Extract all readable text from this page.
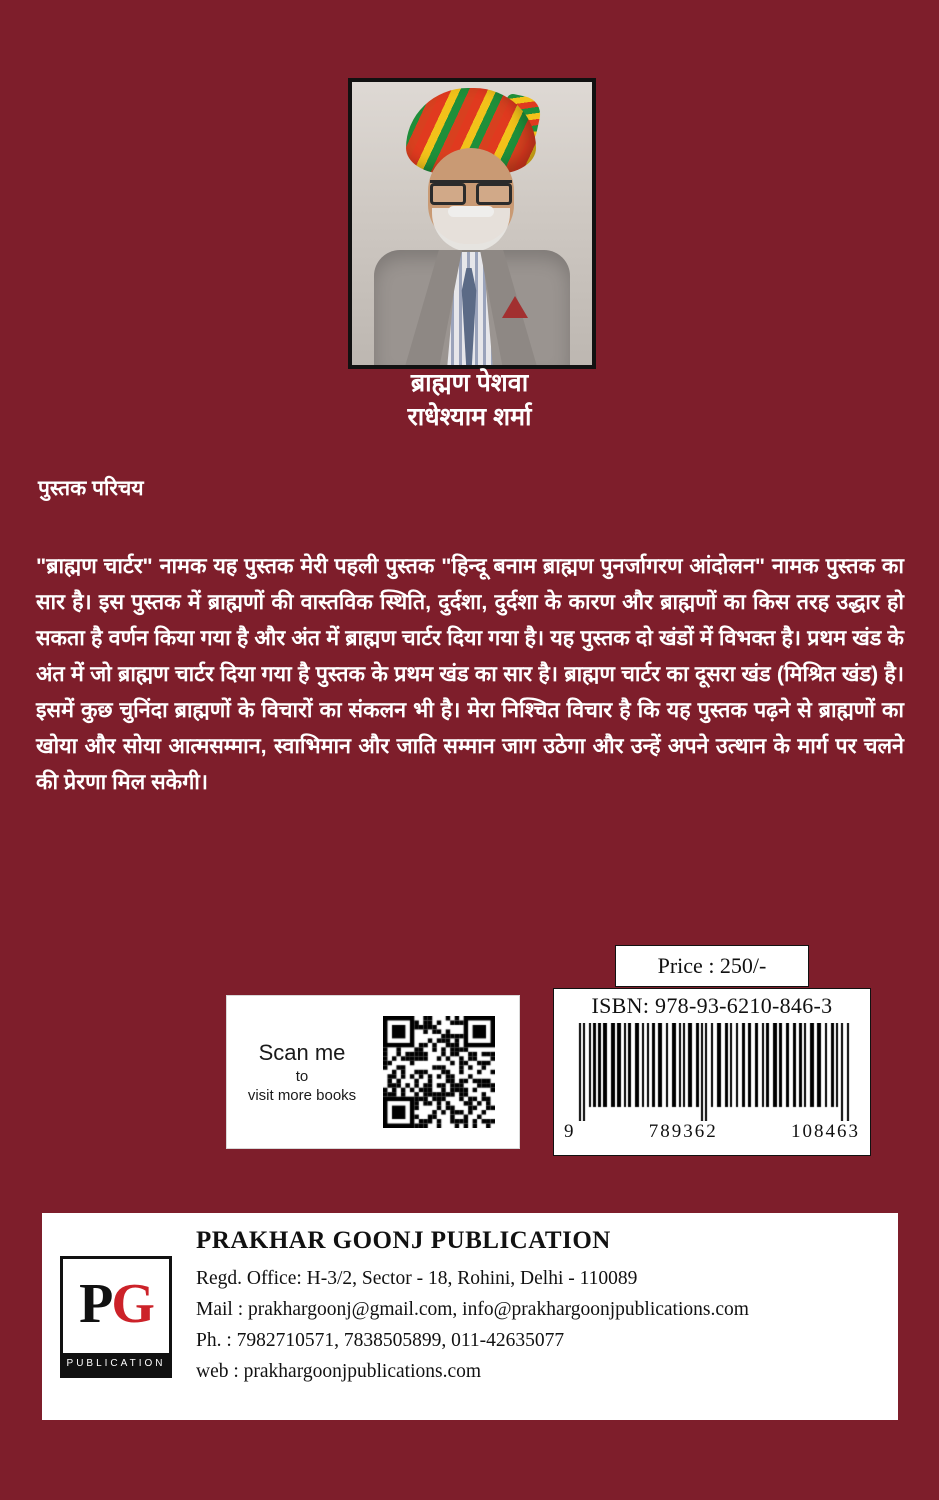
ब्राह्मण पेशवा
राधेश्याम शर्मा
पुस्तक परिचय
"ब्राह्मण चार्टर" नामक यह पुस्तक मेरी पहली पुस्तक "हिन्दू बनाम ब्राह्मण पुनर्जागरण आंदोलन" नामक पुस्तक का सार है। इस पुस्तक में ब्राह्मणों की वास्तविक स्थिति, दुर्दशा, दुर्दशा के कारण और ब्राह्मणों का किस तरह उद्धार हो सकता है वर्णन किया गया है और अंत में ब्राह्मण चार्टर दिया गया है। यह पुस्तक दो खंडों में विभक्त है। प्रथम खंड के अंत में जो ब्राह्मण चार्टर दिया गया है पुस्तक के प्रथम खंड का सार है। ब्राह्मण चार्टर का दूसरा खंड (मिश्रित खंड) है। इसमें कुछ चुनिंदा ब्राह्मणों के विचारों का संकलन भी है। मेरा निश्चित विचार है कि यह पुस्तक पढ़ने से ब्राह्मणों का खोया और सोया आत्मसम्मान, स्वाभिमान और जाति सम्मान जाग उठेगा और उन्हें अपने उत्थान के मार्ग पर चलने की प्रेरणा मिल सकेगी।
Price : 250/-
Scan me
to
visit more books
ISBN: 978-93-6210-846-3
9	789362	108463
PG
PUBLICATION
PRAKHAR GOONJ PUBLICATION
Regd. Office: H-3/2, Sector - 18, Rohini, Delhi - 110089
Mail : prakhargoonj@gmail.com, info@prakhargoonjpublications.com
Ph. : 7982710571, 7838505899, 011-42635077
web : prakhargoonjpublications.com
